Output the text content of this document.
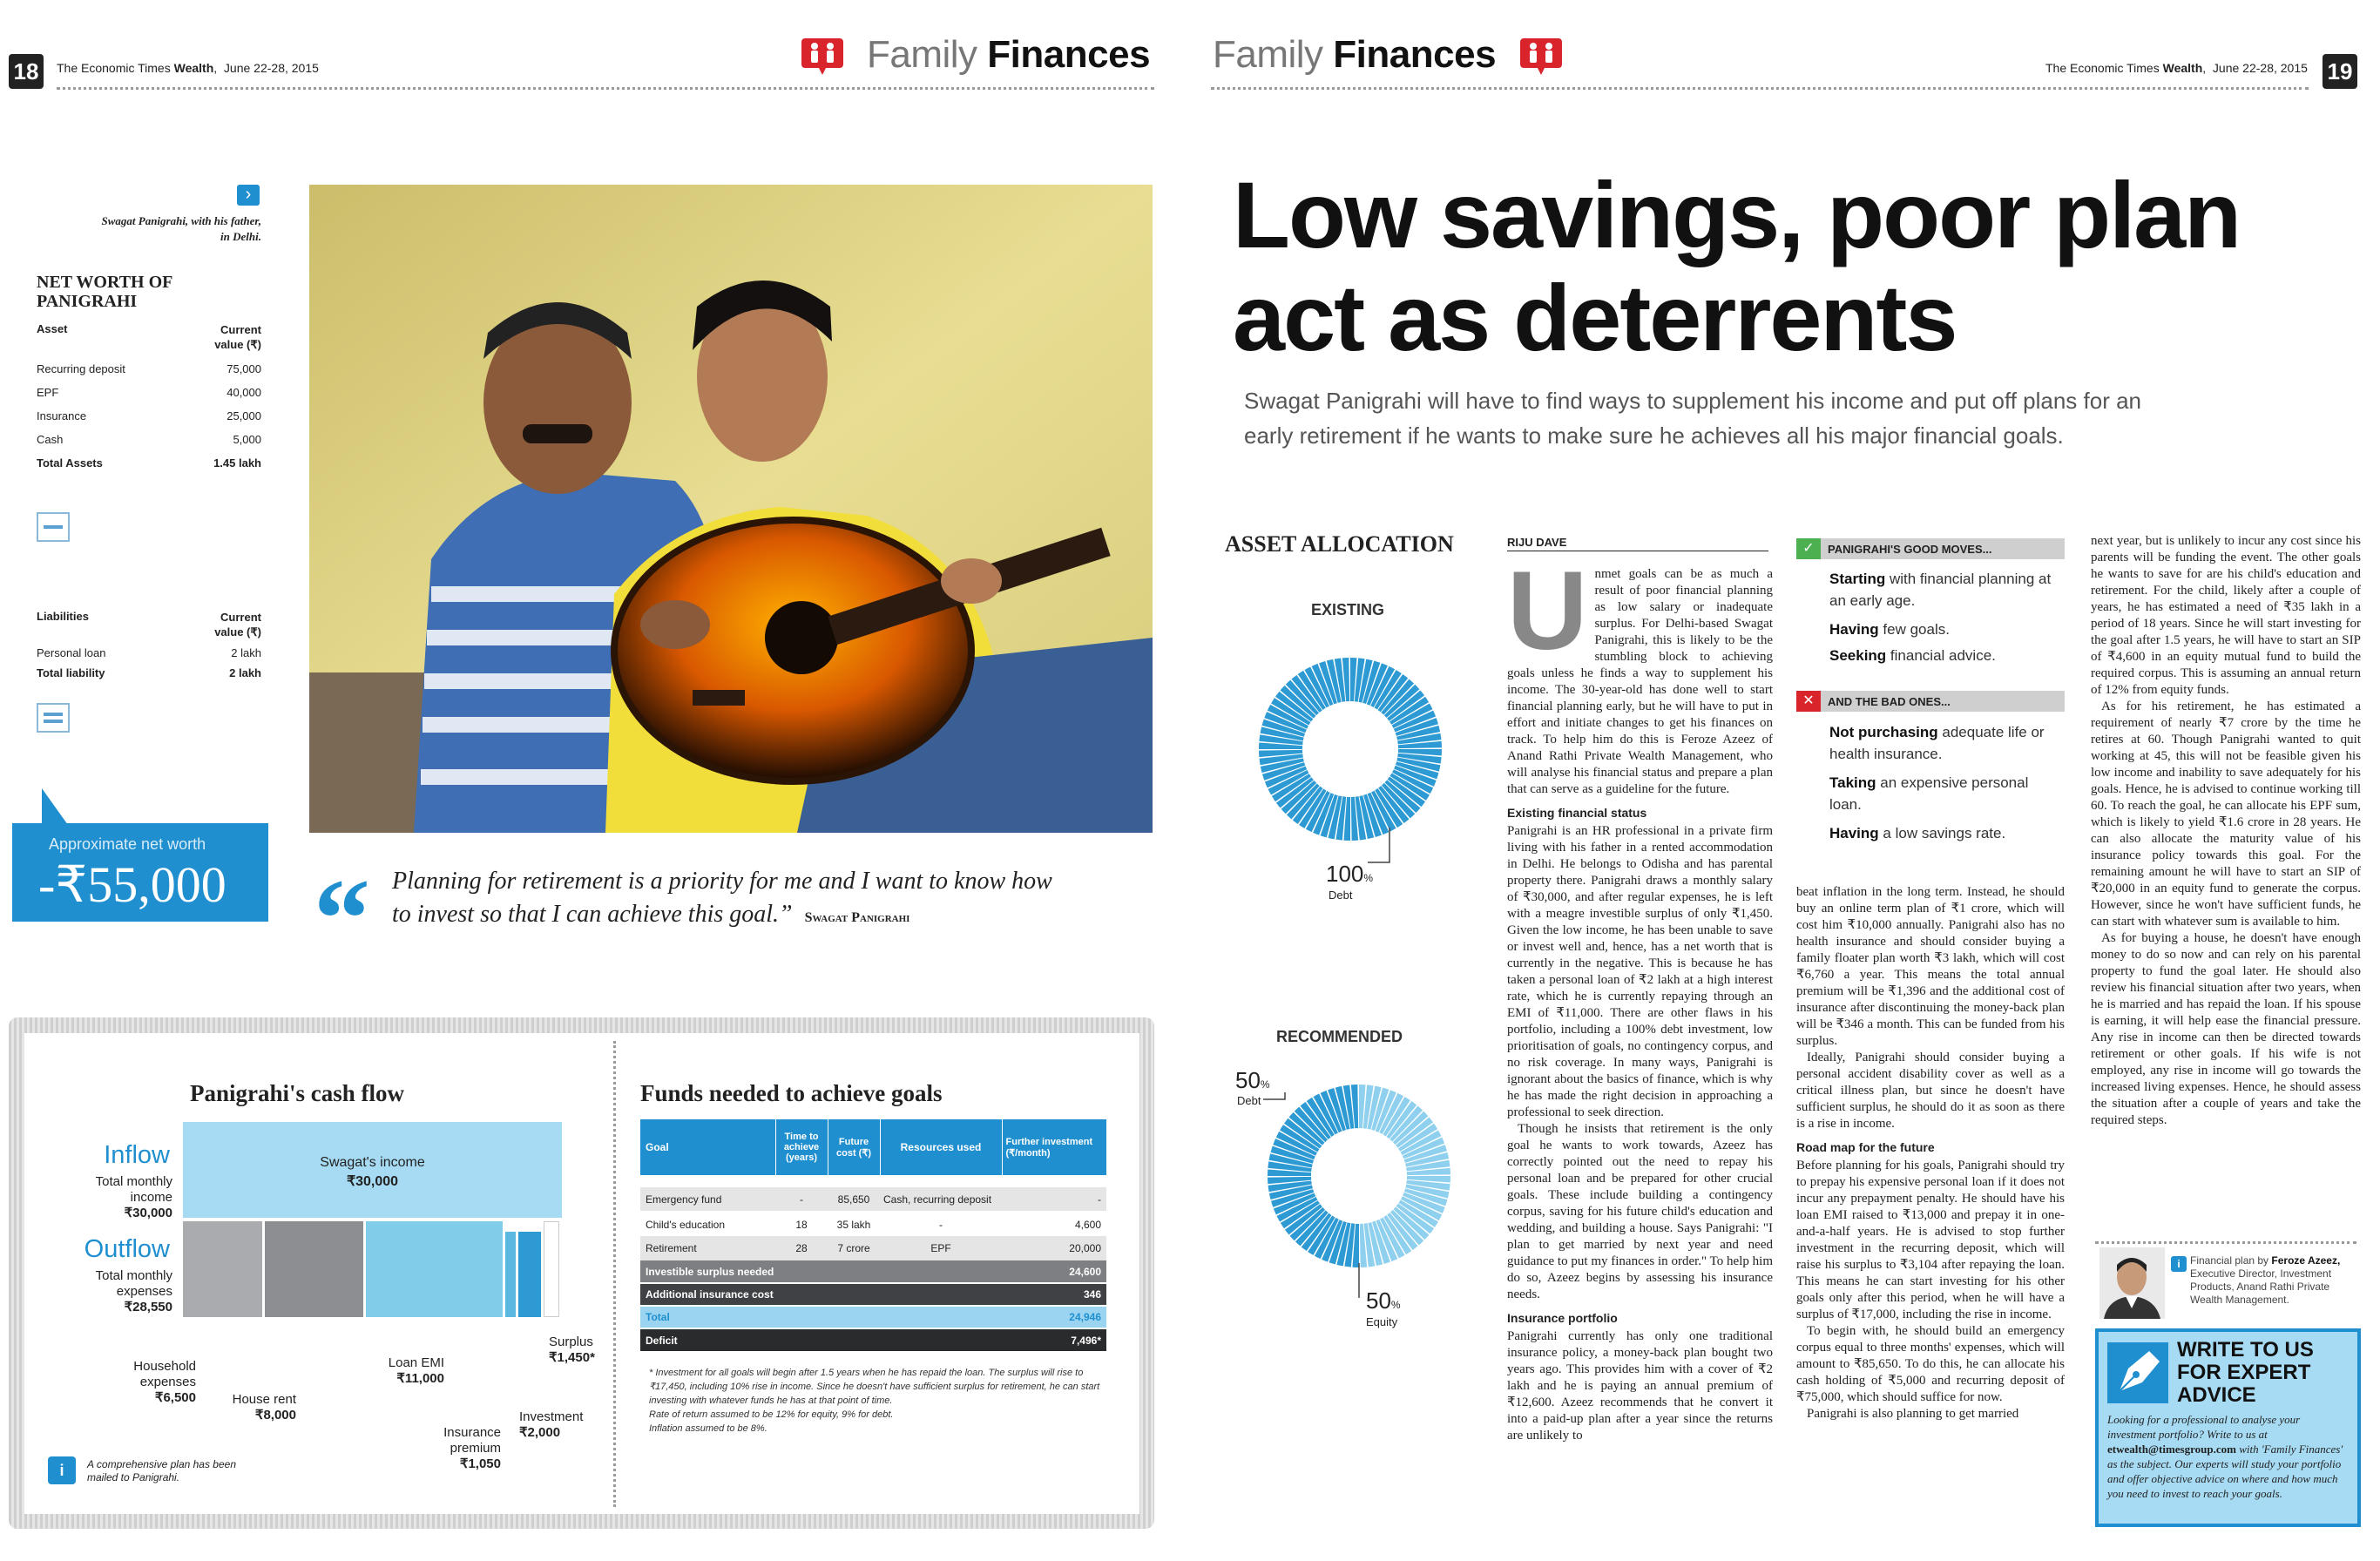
18	The Economic Times Wealth,  June 22-28, 2015	Family Finances Family Finances	The Economic Times Wealth,  June 22-28, 2015 19
›
Swagat Panigrahi, with his father, in Delhi.
NET WORTH OF
PANIGRAHI
Asset	Current value (₹)
Recurring deposit	75,000
EPF	40,000
Insurance	25,000
Cash	5,000
Total Assets	1.45 lakh
Liabilities	Current value (₹)
Personal loan	2 lakh
Total liability	2 lakh
Approximate net worth
-₹55,000 “ Planning for retirement is a priority for me and I want to know how
to invest so that I can achieve this goal.” Swagat Panigrahi
Panigrahi's cash flow
Inflow
Total monthly income
₹30,000
Swagat's income
₹30,000
Outflow
Total monthly expenses
₹28,550
Household expenses
₹6,500	House rent
₹8,000
Loan EMI
₹11,000
Insurance premium
₹1,050
Investment
₹2,000
Surplus
₹1,450*
i	A comprehensive plan has been mailed to Panigrahi.
Funds needed to achieve goals
Goal	Time to achieve (years)	Future cost (₹)	Resources used	Further investment (₹/month)

Emergency fund	-	85,650	Cash, recurring deposit	-
Child's education	18	35 lakh	-	4,600
Retirement	28	7 crore	EPF	20,000
Investible surplus needed				24,600
Additional insurance cost				346
Total				24,946
Deficit				7,496*
* Investment for all goals will begin after 1.5 years when he has repaid the loan. The surplus will rise to ₹17,450, including 10% rise in income. Since he doesn't have sufficient surplus for retirement, he can start investing with whatever funds he has at that point of time.
Rate of return assumed to be 12% for equity, 9% for debt.
Inflation assumed to be 8%.
Low savings, poor plan
act as deterrents
Swagat Panigrahi will have to find ways to supplement his income and put off plans for an
early retirement if he wants to make sure he achieves all his major financial goals.
ASSET ALLOCATION
EXISTING
100%
Debt
RECOMMENDED
50%
Debt
50%
Equity
RIJU DAVE

Unmet goals can be as much a result of poor financial planning as low salary or inadequate surplus. For Delhi-based Swagat Panigrahi, this is likely to be the stumbling block to achieving goals unless he finds a way to supplement his income. The 30-year-old has done well to start financial planning early, but he will have to put in effort and initiate changes to get his finances on track. To help him do this is Feroze Azeez of Anand Rathi Private Wealth Management, who will analyse his financial status and prepare a plan that can serve as a guideline for the future.

Existing financial status

Panigrahi is an HR professional in a private firm living with his father in a rented accommodation in Delhi. He belongs to Odisha and has parental property there. Panigrahi draws a monthly salary of ₹30,000, and after regular expenses, he is left with a meagre investible surplus of only ₹1,450. Given the low income, he has been unable to save or invest well and, hence, has a net worth that is currently in the negative. This is because he has taken a personal loan of ₹2 lakh at a high interest rate, which he is currently repaying through an EMI of ₹11,000. There are other flaws in his portfolio, including a 100% debt investment, low prioritisation of goals, no contingency corpus, and no risk coverage. In many ways, Panigrahi is ignorant about the basics of finance, which is why he has made the right decision in approaching a professional to seek direction.

Though he insists that retirement is the only goal he wants to work towards, Azeez has correctly pointed out the need to repay his personal loan and be prepared for other crucial goals. These include building a contingency corpus, saving for his future child's education and wedding, and building a house. Says Panigrahi: "I plan to get married by next year and need guidance to put my finances in order." To help him do so, Azeez begins by assessing his insurance needs.

Insurance portfolio

Panigrahi currently has only one traditional insurance policy, a money-back plan bought two years ago. This provides him with a cover of ₹2 lakh and he is paying an annual premium of ₹12,600. Azeez recommends that he convert it into a paid-up plan after a year since the returns are unlikely to

PANIGRAHI'S GOOD MOVES...
✓
Starting with financial planning at an early age.
Having few goals.
Seeking financial advice.
AND THE BAD ONES...
✕
Not purchasing adequate life or health insurance.
Taking an expensive personal loan.
Having a low savings rate.

beat inflation in the long term. Instead, he should buy an online term plan of ₹1 crore, which will cost him ₹10,000 annually. Panigrahi also has no health insurance and should consider buying a family floater plan worth ₹3 lakh, which will cost ₹6,760 a year. This means the total annual premium will be ₹1,396 and the additional cost of insurance after discontinuing the money-back plan will be ₹346 a month. This can be funded from his surplus.

Ideally, Panigrahi should consider buying a personal accident disability cover as well as a critical illness plan, but since he doesn't have sufficient surplus, he should do it as soon as there is a rise in income.

Road map for the future

Before planning for his goals, Panigrahi should try to prepay his expensive personal loan if it does not incur any prepayment penalty. He should have his loan EMI raised to ₹13,000 and prepay it in one-and-a-half years. He is advised to stop further investment in the recurring deposit, which will raise his surplus to ₹3,104 after repaying the loan. This means he can start investing for his other goals only after this period, when he will have a surplus of ₹17,000, including the rise in income.

To begin with, he should build an emergency corpus equal to three months' expenses, which will amount to ₹85,650. To do this, he can allocate his cash holding of ₹5,000 and recurring deposit of ₹75,000, which should suffice for now.

Panigrahi is also planning to get married

next year, but is unlikely to incur any cost since his parents will be funding the event. The other goals he wants to save for are his child's education and retirement. For the child, likely after a couple of years, he has estimated a need of ₹35 lakh in a period of 18 years. Since he will start investing for the goal after 1.5 years, he will have to start an SIP of ₹4,600 in an equity mutual fund to build the required corpus. This is assuming an annual return of 12% from equity funds.

As for his retirement, he has estimated a requirement of nearly ₹7 crore by the time he retires at 60. Though Panigrahi wanted to quit working at 45, this will not be feasible given his low income and inability to save adequately for his goals. Hence, he is advised to continue working till 60. To reach the goal, he can allocate his EPF sum, which is likely to yield ₹1.6 crore in 28 years. He can also allocate the maturity value of his insurance policy towards this goal. For the remaining amount he will have to start an SIP of ₹20,000 in an equity fund to generate the corpus. However, since he won't have sufficient funds, he can start with whatever sum is available to him.

As for buying a house, he doesn't have enough money to do so now and can rely on his parental property to fund the goal later. He should also review his financial situation after two years, when he is married and has repaid the loan. If his spouse is earning, it will help ease the financial pressure. Any rise in income can then be directed towards retirement or other goals. If his wife is not employed, any rise in income will go towards the increased living expenses. Hence, he should assess the situation after a couple of years and take the required steps.

i Financial plan by Feroze Azeez, Executive Director, Investment Products, Anand Rathi Private Wealth Management.
WRITE TO US
FOR EXPERT
ADVICE
Looking for a professional to analyse your investment portfolio? Write to us at etwealth@timesgroup.com with 'Family Finances' as the subject. Our experts will study your portfolio and offer objective advice on where and how much you need to invest to reach your goals.
